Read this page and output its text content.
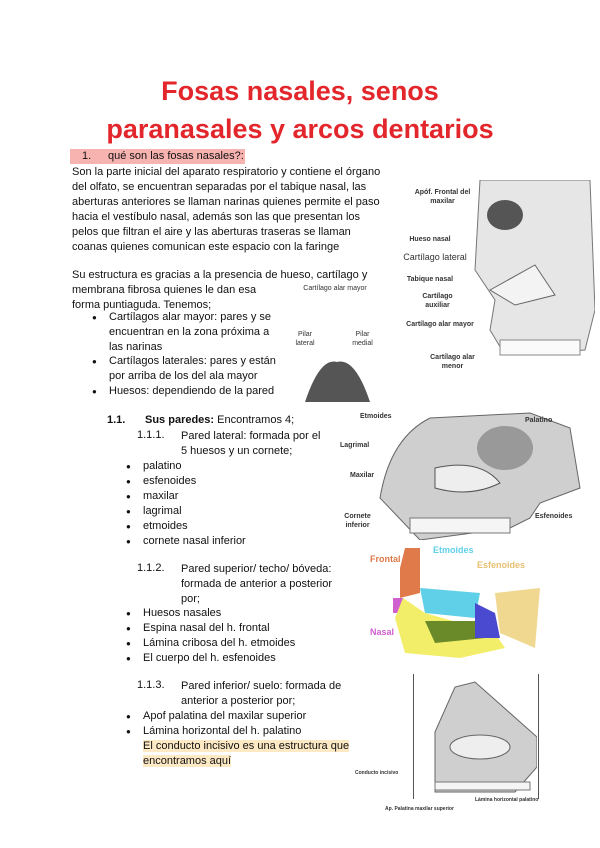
Fosas nasales, senos
paranasales y arcos dentarios
1. qué son las fosas nasales?:
Son la parte inicial del aparato respiratorio y contiene el órgano
del olfato, se encuentran separadas por el tabique nasal, las
aberturas anteriores se llaman narinas quienes permite el paso
hacia el vestíbulo nasal, además son las que presentan los
pelos que filtran el aire y las aberturas traseras se llaman
coanas quienes comunican este espacio con la faringe
Su estructura es gracias a la presencia de hueso, cartílago y
membrana fibrosa quienes le dan esa
forma puntiaguda. Tenemos;
● Cartílagos alar mayor: pares y se
encuentran en la zona próxima a
las narinas
● Cartílagos laterales: pares y están
por arriba de los del ala mayor
● Huesos: dependiendo de la pared
Apóf. Frontal del maxilar
Hueso nasal
Cartílago lateral
Tabique nasal
Cartílago auxiliar
Cartílago alar mayor
Cartílago alar menor
Cartílago alar mayor
Pilar lateral
Pilar medial
1.1. Sus paredes: Encontramos 4;
1.1.1. Pared lateral: formada por el
5 huesos y un cornete;
● palatino
● esfenoides
● maxilar
● lagrimal
● etmoides
● cornete nasal inferior
1.1.2. Pared superior/ techo/ bóveda:
formada de anterior a posterior
por;
● Huesos nasales
● Espina nasal del h. frontal
● Lámina cribosa del h. etmoides
● El cuerpo del h. esfenoides
1.1.3. Pared inferior/ suelo: formada de
anterior a posterior por;
● Apof palatina del maxilar superior
● Lámina horizontal del h. palatino
El conducto incisivo es una estructura que
encontramos aquí
Etmoides
Lagrimal
Maxilar
Cornete inferior
Palatino
Esfenoides
Frontal
Etmoides
Esfenoides
Nasal
Conducto incisivo
Lámina horizontal palatino
Ap. Palatina maxilar superior
